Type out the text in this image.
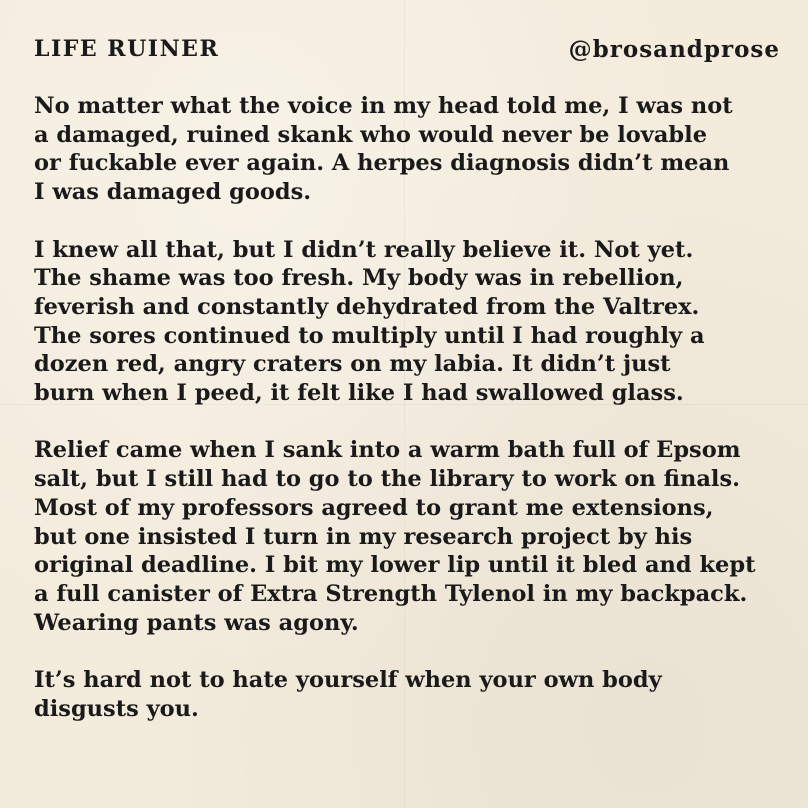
LIFE RUINER	@brosandprose

No matter what the voice in my head told me, I was not
a damaged, ruined skank who would never be lovable
or fuckable ever again. A herpes diagnosis didn’t mean
I was damaged goods.

I knew all that, but I didn’t really believe it. Not yet.
The shame was too fresh. My body was in rebellion,
feverish and constantly dehydrated from the Valtrex.
The sores continued to multiply until I had roughly a
dozen red, angry craters on my labia. It didn’t just
burn when I peed, it felt like I had swallowed glass.

Relief came when I sank into a warm bath full of Epsom
salt, but I still had to go to the library to work on finals.
Most of my professors agreed to grant me extensions,
but one insisted I turn in my research project by his
original deadline. I bit my lower lip until it bled and kept
a full canister of Extra Strength Tylenol in my backpack.
Wearing pants was agony.

It’s hard not to hate yourself when your own body
disgusts you.
